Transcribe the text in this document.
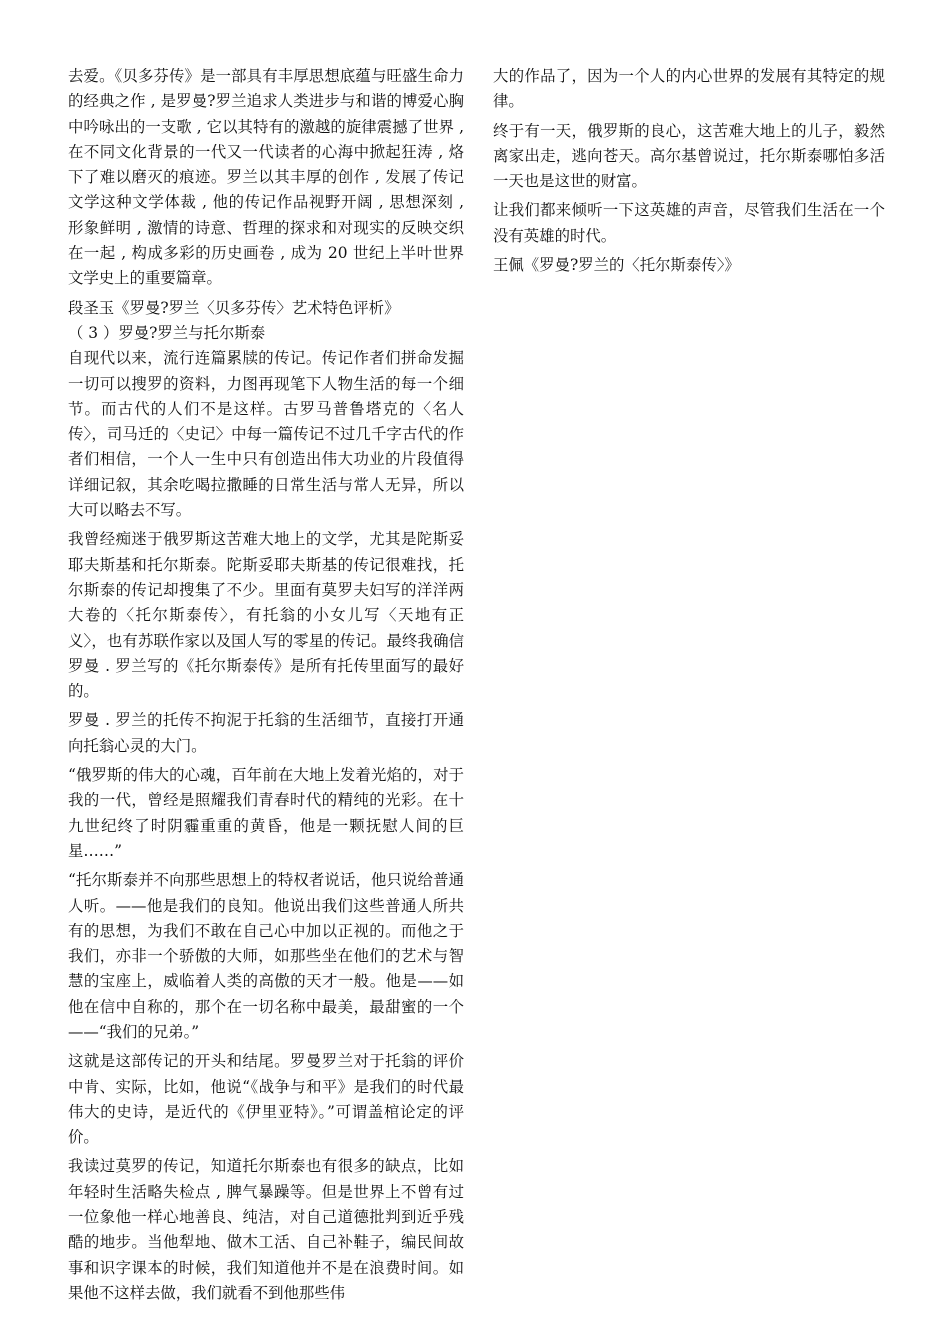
去爱。《贝多芬传》是一部具有丰厚思想底蕴与旺盛生命力的经典之作 , 是罗曼?罗兰追求人类进步与和谐的博爱心胸中吟咏出的一支歌 , 它以其特有的激越的旋律震撼了世界 , 在不同文化背景的一代又一代读者的心海中掀起狂涛 , 烙下了难以磨灭的痕迹。罗兰以其丰厚的创作 , 发展了传记文学这种文学体裁 , 他的传记作品视野开阔 , 思想深刻 , 形象鲜明 , 激情的诗意、哲理的探求和对现实的反映交织在一起 , 构成多彩的历史画卷 , 成为 20 世纪上半叶世界文学史上的重要篇章。

段圣玉《罗曼?罗兰〈贝多芬传〉艺术特色评析》

（ 3 ）罗曼?罗兰与托尔斯泰

自现代以来，流行连篇累牍的传记。传记作者们拼命发掘一切可以搜罗的资料，力图再现笔下人物生活的每一个细节。而古代的人们不是这样。古罗马普鲁塔克的〈名人传〉，司马迁的〈史记〉中每一篇传记不过几千字古代的作者们相信，一个人一生中只有创造出伟大功业的片段值得详细记叙，其余吃喝拉撒睡的日常生活与常人无异，所以大可以略去不写。

我曾经痴迷于俄罗斯这苦难大地上的文学，尤其是陀斯妥耶夫斯基和托尔斯泰。陀斯妥耶夫斯基的传记很难找，托尔斯泰的传记却搜集了不少。里面有莫罗夫妇写的洋洋两大卷的〈托尔斯泰传〉，有托翁的小女儿写〈天地有正义〉，也有苏联作家以及国人写的零星的传记。最终我确信罗曼 . 罗兰写的《托尔斯泰传》是所有托传里面写的最好的。

罗曼 . 罗兰的托传不拘泥于托翁的生活细节，直接打开通向托翁心灵的大门。

“俄罗斯的伟大的心魂，百年前在大地上发着光焰的，对于我的一代，曾经是照耀我们青春时代的精纯的光彩。在十九世纪终了时阴霾重重的黄昏，他是一颗抚慰人间的巨星……”

“托尔斯泰并不向那些思想上的特权者说话，他只说给普通人听。——他是我们的良知。他说出我们这些普通人所共有的思想，为我们不敢在自己心中加以正视的。而他之于我们，亦非一个骄傲的大师，如那些坐在他们的艺术与智慧的宝座上，威临着人类的高傲的天才一般。他是——如他在信中自称的，那个在一切名称中最美，最甜蜜的一个——“我们的兄弟。”

这就是这部传记的开头和结尾。罗曼罗兰对于托翁的评价中肯、实际，比如，他说“《战争与和平》是我们的时代最伟大的史诗，是近代的《伊里亚特》。”可谓盖棺论定的评价。

我读过莫罗的传记，知道托尔斯泰也有很多的缺点，比如年轻时生活略失检点 , 脾气暴躁等。但是世界上不曾有过一位象他一样心地善良、纯洁，对自己道德批判到近乎残酷的地步。当他犁地、做木工活、自己补鞋子，编民间故事和识字课本的时候，我们知道他并不是在浪费时间。如果他不这样去做，我们就看不到他那些伟

大的作品了，因为一个人的内心世界的发展有其特定的规律。

终于有一天，俄罗斯的良心，这苦难大地上的儿子，毅然离家出走，逃向苍天。高尔基曾说过，托尔斯泰哪怕多活一天也是这世的财富。

让我们都来倾听一下这英雄的声音，尽管我们生活在一个没有英雄的时代。

王佩《罗曼?罗兰的〈托尔斯泰传〉》
